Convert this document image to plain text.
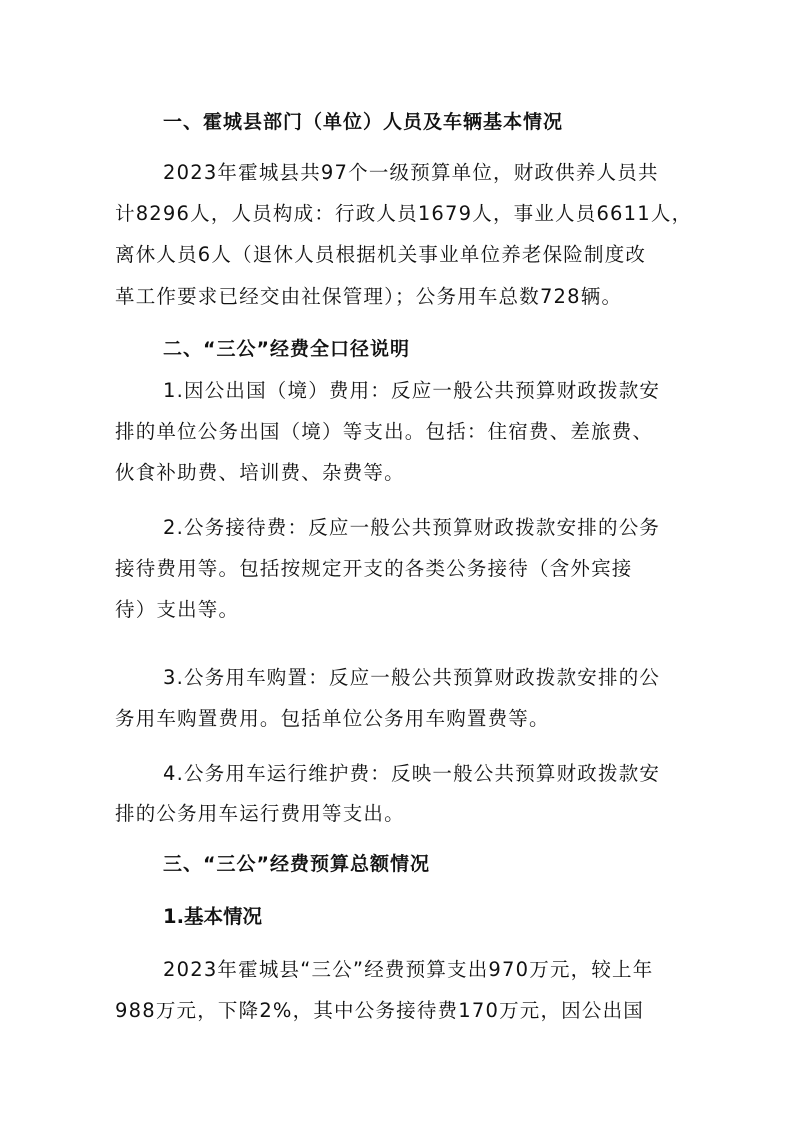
一、霍城县部门（单位）人员及车辆基本情况
2023年霍城县共97个一级预算单位，财政供养人员共
计8296人，人员构成：行政人员1679人，事业人员6611人，
离休人员6人（退休人员根据机关事业单位养老保险制度改
革工作要求已经交由社保管理）；公务用车总数728辆。
二、“三公”经费全口径说明
1.因公出国（境）费用：反应一般公共预算财政拨款安
排的单位公务出国（境）等支出。包括：住宿费、差旅费、
伙食补助费、培训费、杂费等。
2.公务接待费：反应一般公共预算财政拨款安排的公务
接待费用等。包括按规定开支的各类公务接待（含外宾接
待）支出等。
3.公务用车购置：反应一般公共预算财政拨款安排的公
务用车购置费用。包括单位公务用车购置费等。
4.公务用车运行维护费：反映一般公共预算财政拨款安
排的公务用车运行费用等支出。
三、“三公”经费预算总额情况
1.基本情况
2023年霍城县“三公”经费预算支出970万元，较上年
988万元，下降2%，其中公务接待费170万元，因公出国
